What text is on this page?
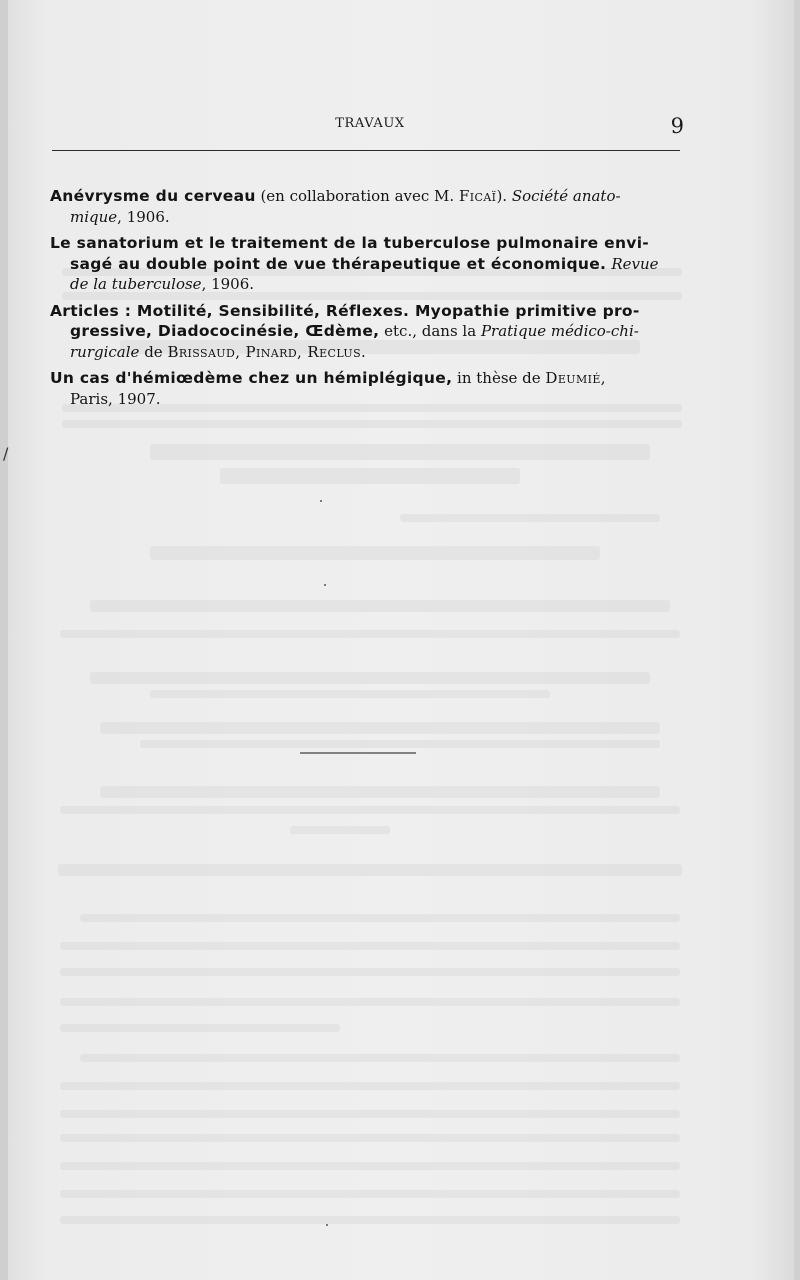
TRAVAUX	9

Anévrysme du cerveau (en collaboration avec M. Ficaï). Société anato-
mique, 1906.

Le sanatorium et le traitement de la tuberculose pulmonaire envi-
sagé au double point de vue thérapeutique et économique. Revue
de la tuberculose, 1906.

Articles : Motilité, Sensibilité, Réflexes. Myopathie primitive pro-
gressive, Diadococinésie, Œdème, etc., dans la Pratique médico-chi-
rurgicale de Brissaud, Pinard, Reclus.

Un cas d'hémiœdème chez un hémiplégique, in thèse de Deumié,
Paris, 1907.

/
